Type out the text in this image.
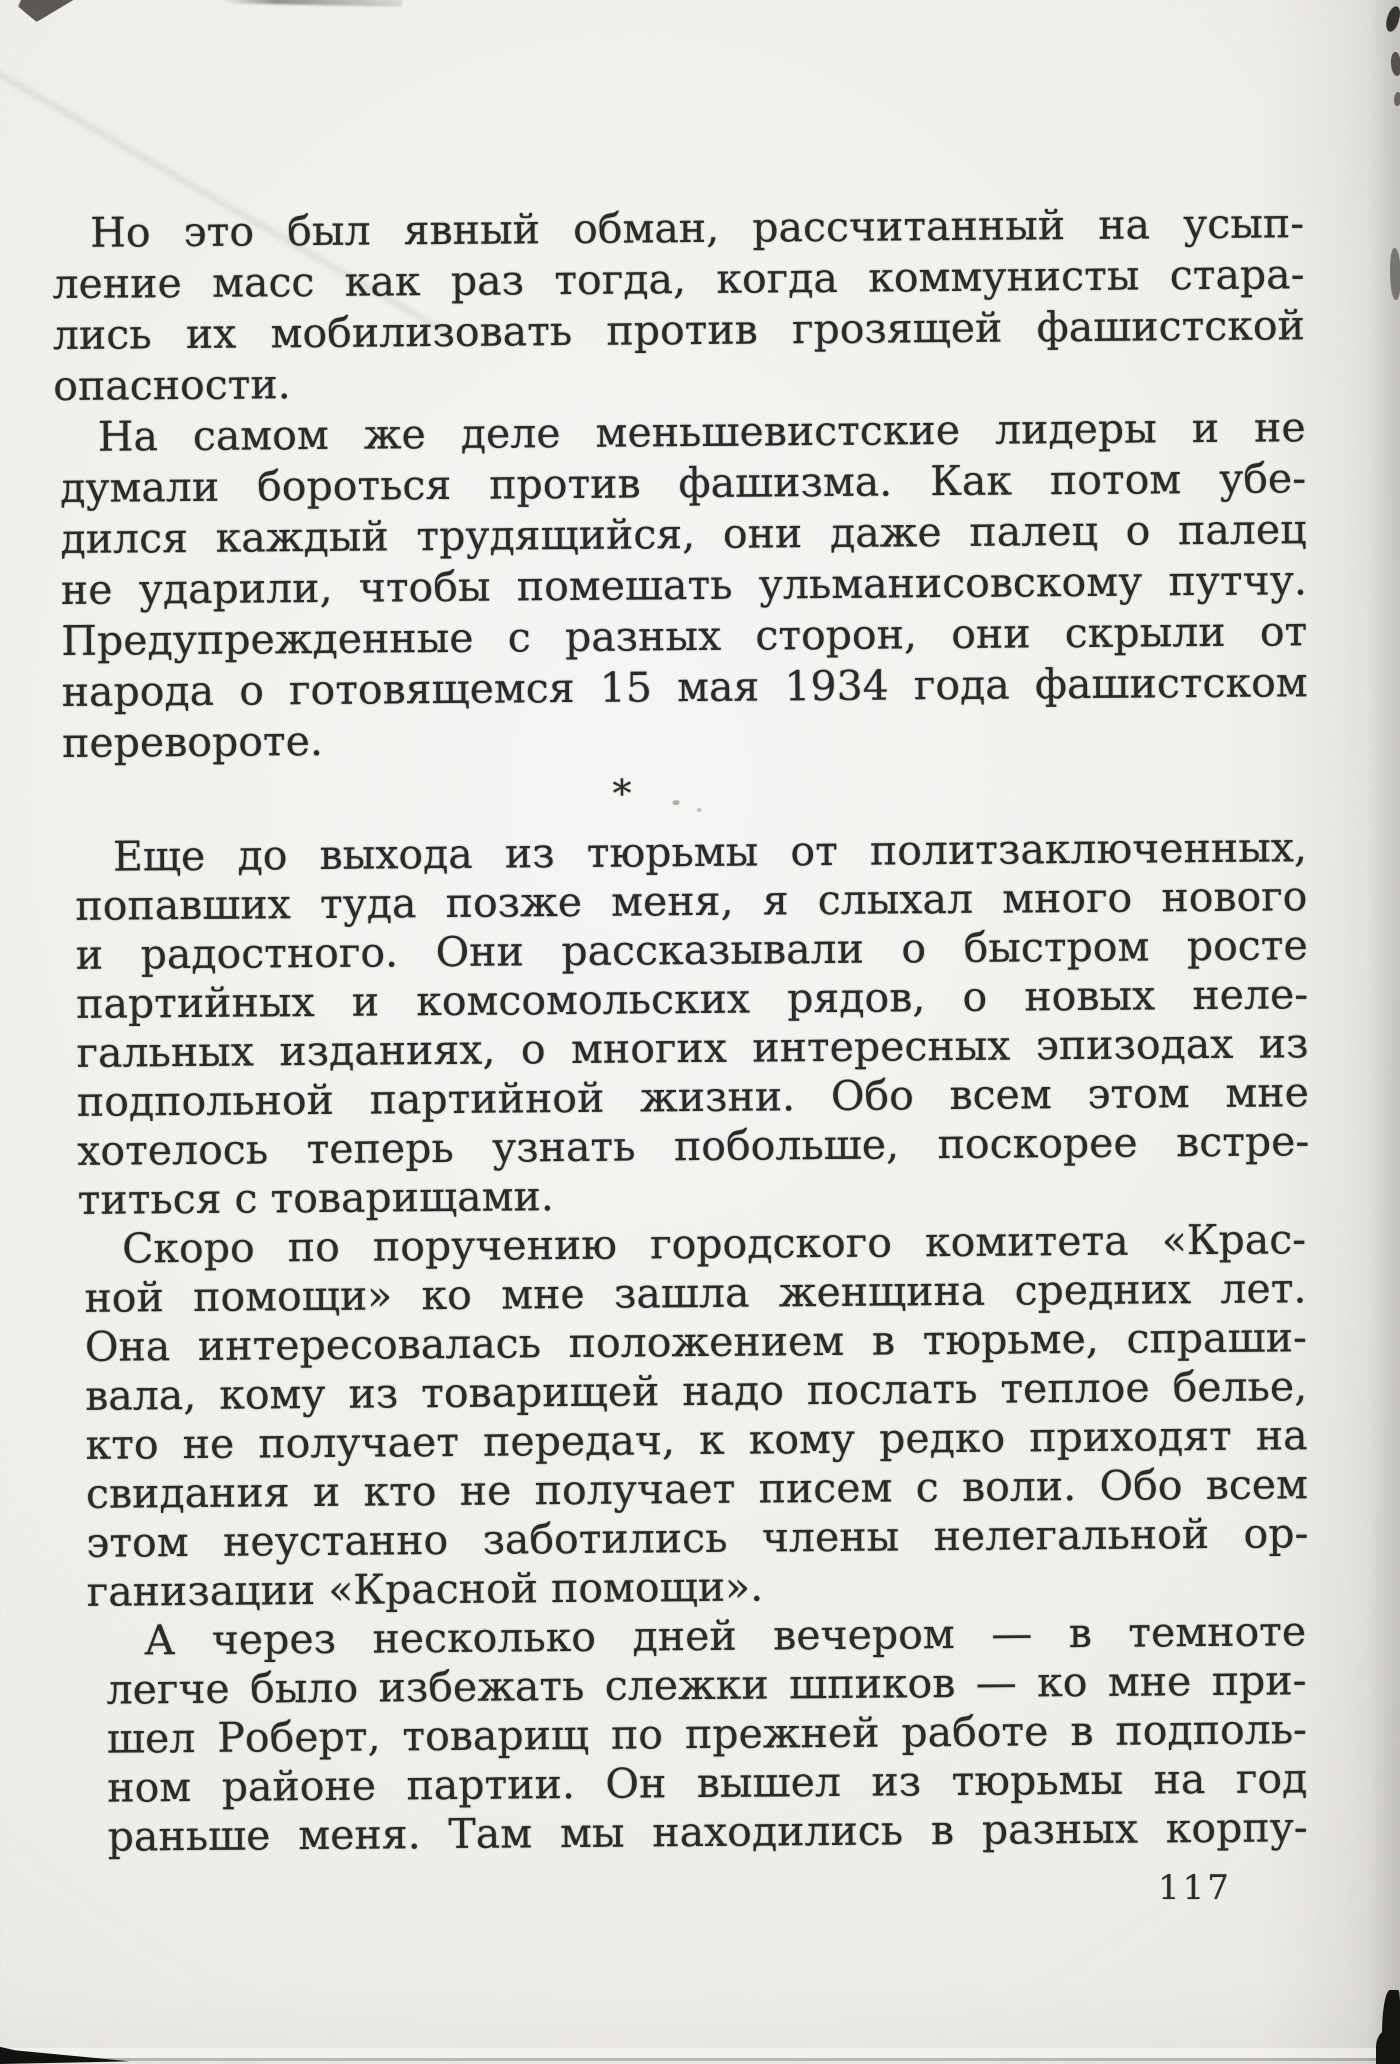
Но это был явный обман, рассчитанный на усып-
ление масс как раз тогда, когда коммунисты стара-
лись их мобилизовать против грозящей фашистской
опасности.
На самом же деле меньшевистские лидеры и не
думали бороться против фашизма. Как потом убе-
дился каждый трудящийся, они даже палец о палец
не ударили, чтобы помешать ульманисовскому путчу.
Предупрежденные с разных сторон, они скрыли от
народа о готовящемся 15 мая 1934 года фашистском
перевороте.
*
Еще до выхода из тюрьмы от политзаключенных,
попавших туда позже меня, я слыхал много нового
и радостного. Они рассказывали о быстром росте
партийных и комсомольских рядов, о новых неле-
гальных изданиях, о многих интересных эпизодах из
подпольной партийной жизни. Обо всем этом мне
хотелось теперь узнать побольше, поскорее встре-
титься с товарищами.
Скоро по поручению городского комитета «Крас-
ной помощи» ко мне зашла женщина средних лет.
Она интересовалась положением в тюрьме, спраши-
вала, кому из товарищей надо послать теплое белье,
кто не получает передач, к кому редко приходят на
свидания и кто не получает писем с воли. Обо всем
этом неустанно заботились члены нелегальной ор-
ганизации «Красной помощи».
А через несколько дней вечером — в темноте
легче было избежать слежки шпиков — ко мне при-
шел Роберт, товарищ по прежней работе в подполь-
ном районе партии. Он вышел из тюрьмы на год
раньше меня. Там мы находились в разных корпу-
117
